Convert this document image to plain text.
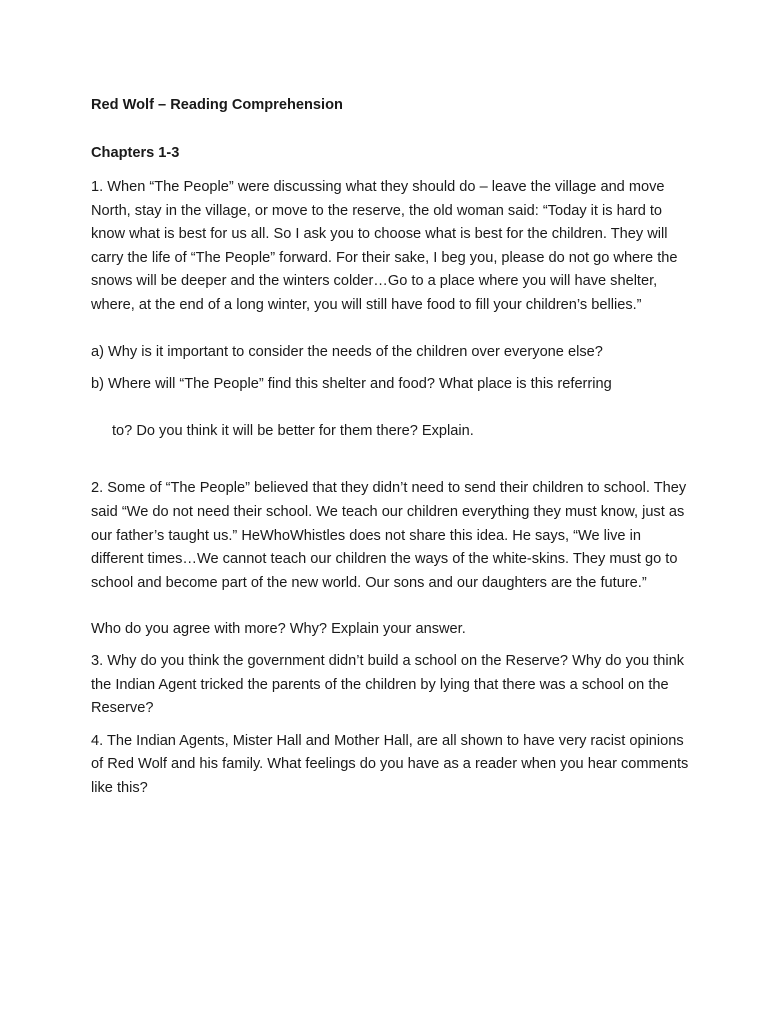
Red Wolf – Reading Comprehension

Chapters 1-3

1. When “The People” were discussing what they should do – leave the village and move North, stay in the village, or move to the reserve, the old woman said: “Today it is hard to know what is best for us all. So I ask you to choose what is best for the children. They will carry the life of “The People” forward. For their sake, I beg you, please do not go where the snows will be deeper and the winters colder…Go to a place where you will have shelter, where, at the end of a long winter, you will still have food to fill your children’s bellies.”

a) Why is it important to consider the needs of the children over everyone else?

b) Where will “The People” find this shelter and food? What place is this referring

to? Do you think it will be better for them there? Explain.

2. Some of “The People” believed that they didn’t need to send their children to school. They said “We do not need their school. We teach our children everything they must know, just as our father’s taught us.” HeWhoWhistles does not share this idea. He says, “We live in different times…We cannot teach our children the ways of the white-skins. They must go to school and become part of the new world. Our sons and our daughters are the future.”

Who do you agree with more? Why? Explain your answer.

3. Why do you think the government didn’t build a school on the Reserve? Why do you think the Indian Agent tricked the parents of the children by lying that there was a school on the Reserve?

4. The Indian Agents, Mister Hall and Mother Hall, are all shown to have very racist opinions of Red Wolf and his family. What feelings do you have as a reader when you hear comments like this?
